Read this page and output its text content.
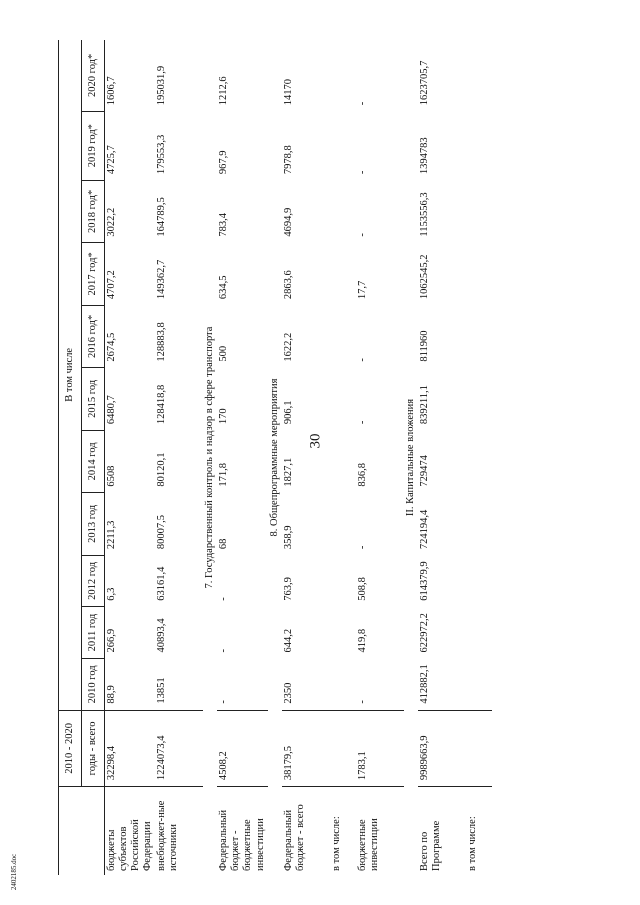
30
	2010 - 2020	В том числе										
	годы - всего	2010 год	2011 год	2012 год	2013 год	2014 год	2015 год	2016 год*	2017 год*	2018 год*	2019 год*	2020 год*
бюджеты субъектов Российской Федерации	32298,4	88,9	266,9	6,3	2211,3	6508	6480,7	2674,5	4707,2	3022,2	4725,7	1606,7
внебюджет-ные источники	1224073,4	13851	40893,4	63161,4	80007,5	80120,1	128418,8	128883,8	149362,7	164789,5	179553,3	195031,9
7. Государственный контроль и надзор в сфере транспорта												
Федеральный бюджет - бюджетные инвестиции	4508,2	-	-	-	68	171,8	170	500	634,5	783,4	967,9	1212,6
8. Общепрограммные мероприятия												
Федеральный бюджет - всего	38179,5	2350	644,2	763,9	358,9	1827,1	906,1	1622,2	2863,6	4694,9	7978,8	14170
в том числе:												
бюджетные инвестиции	1783,1	-	419,8	508,8	-	836,8	-	-	17,7	-	-	-
II. Капитальные вложения												
Всего по Программе	9989663,9	412882,1	622972,2	614379,9	724194,4	729474	839211,1	811960	1062545,2	1153556,3	1394783	1623705,7
в том числе:												
2402185.doc
